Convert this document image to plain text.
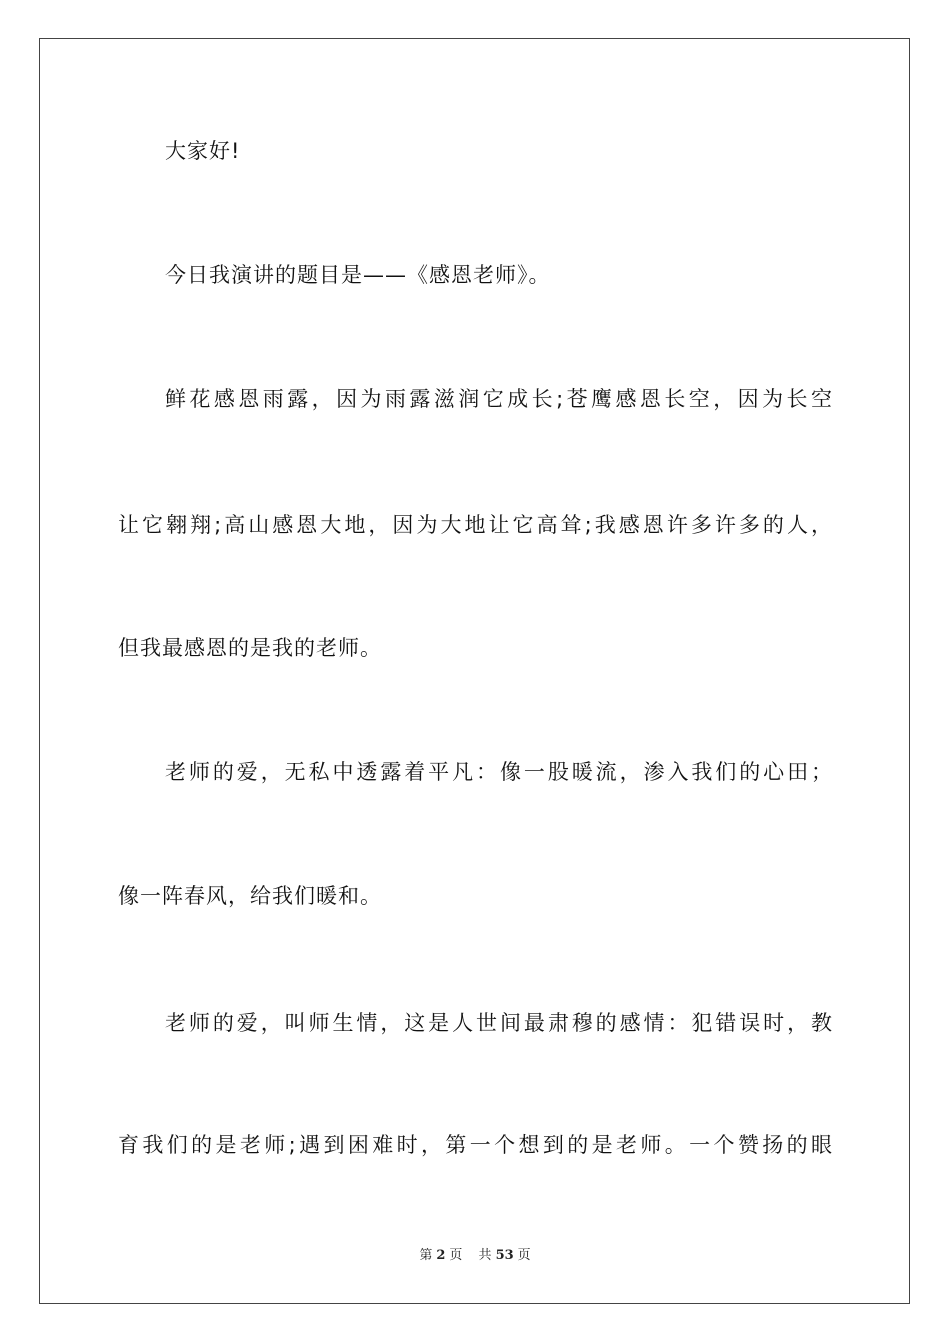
大家好!
今日我演讲的题目是——《感恩老师》。
鲜花感恩雨露，因为雨露滋润它成长;苍鹰感恩长空，因为长空
让它翱翔;高山感恩大地，因为大地让它高耸;我感恩许多许多的人，
但我最感恩的是我的老师。
老师的爱，无私中透露着平凡：像一股暖流，渗入我们的心田；
像一阵春风，给我们暖和。
老师的爱，叫师生情，这是人世间最肃穆的感情：犯错误时，教
育我们的是老师;遇到困难时，第一个想到的是老师。一个赞扬的眼
第 2 页 共 53 页
